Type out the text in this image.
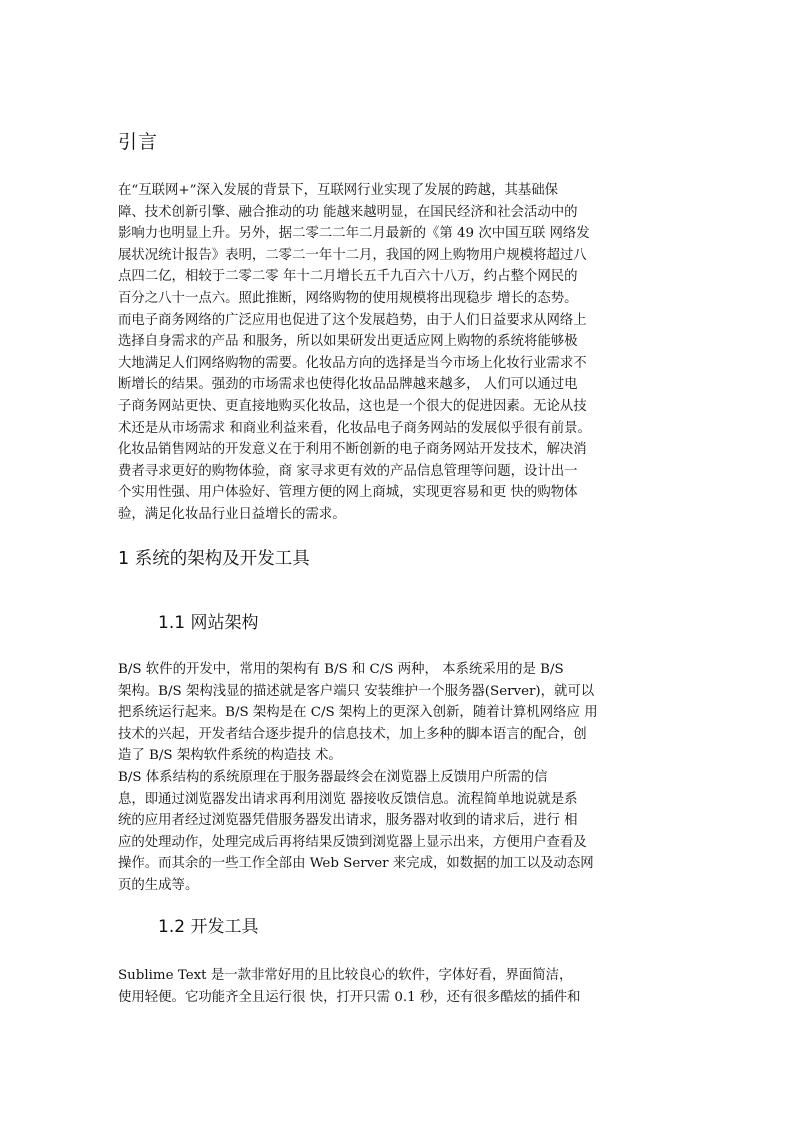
引言
在“互联网+”深入发展的背景下，互联网行业实现了发展的跨越，其基础保
障、技术创新引擎、融合推动的功 能越来越明显，在国民经济和社会活动中的
影响力也明显上升。另外，据二零二二年二月最新的《第 49 次中国互联 网络发
展状况统计报告》表明，二零二一年十二月，我国的网上购物用户规模将超过八
点四二亿，相较于二零二零 年十二月增长五千九百六十八万，约占整个网民的
百分之八十一点六。照此推断，网络购物的使用规模将出现稳步 增长的态势。
而电子商务网络的广泛应用也促进了这个发展趋势，由于人们日益要求从网络上
选择自身需求的产品 和服务，所以如果研发出更适应网上购物的系统将能够极
大地满足人们网络购物的需要。化妆品方向的选择是当今市场上化妆行业需求不
断增长的结果。强劲的市场需求也使得化妆品品牌越来越多， 人们可以通过电
子商务网站更快、更直接地购买化妆品，这也是一个很大的促进因素。无论从技
术还是从市场需求 和商业利益来看，化妆品电子商务网站的发展似乎很有前景。
化妆品销售网站的开发意义在于利用不断创新的电子商务网站开发技术，解决消
费者寻求更好的购物体验，商 家寻求更有效的产品信息管理等问题，设计出一
个实用性强、用户体验好、管理方便的网上商城，实现更容易和更 快的购物体
验，满足化妆品行业日益增长的需求。
1 系统的架构及开发工具
1.1 网站架构
B/S 软件的开发中，常用的架构有 B/S 和 C/S 两种， 本系统采用的是 B/S
架构。B/S 架构浅显的描述就是客户端只 安装维护一个服务器(Server)，就可以
把系统运行起来。B/S 架构是在 C/S 架构上的更深入创新，随着计算机网络应 用
技术的兴起，开发者结合逐步提升的信息技术，加上多种的脚本语言的配合，创
造了 B/S 架构软件系统的构造技 术。
B/S 体系结构的系统原理在于服务器最终会在浏览器上反馈用户所需的信
息，即通过浏览器发出请求再利用浏览 器接收反馈信息。流程简单地说就是系
统的应用者经过浏览器凭借服务器发出请求，服务器对收到的请求后，进行 相
应的处理动作，处理完成后再将结果反馈到浏览器上显示出来，方便用户查看及
操作。而其余的一些工作全部由 Web Server 来完成，如数据的加工以及动态网
页的生成等。
1.2 开发工具
Sublime Text 是一款非常好用的且比较良心的软件，字体好看，界面简洁，
使用轻便。它功能齐全且运行很 快，打开只需 0.1 秒，还有很多酷炫的插件和
